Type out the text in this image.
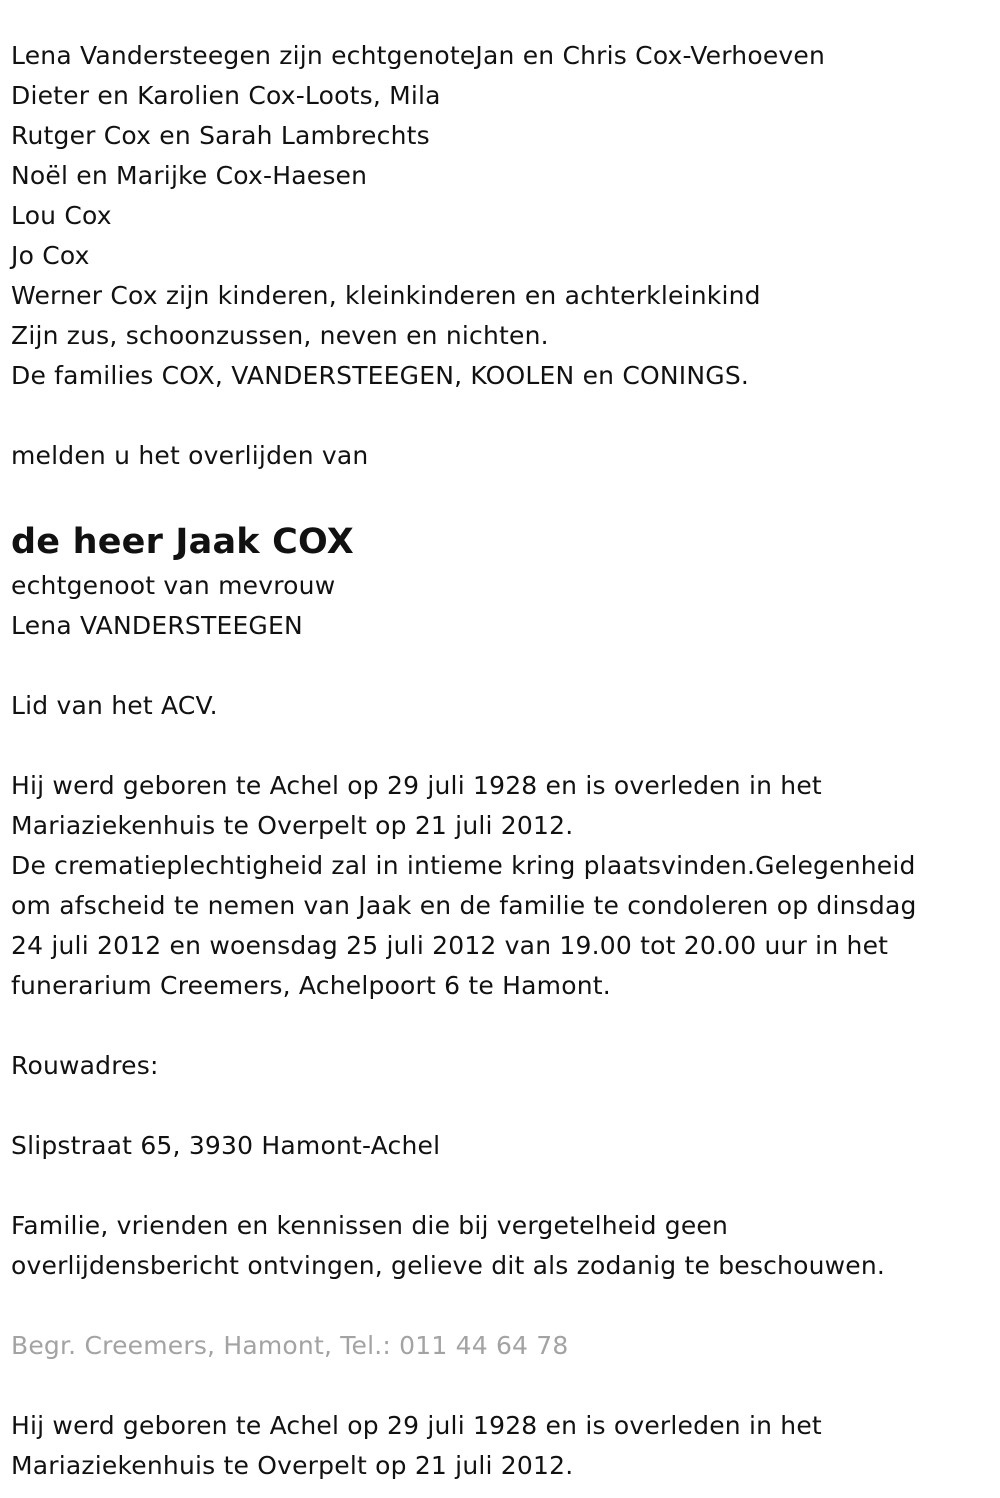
Lena Vandersteegen zijn echtgenoteJan en Chris Cox-Verhoeven
Dieter en Karolien Cox-Loots, Mila
Rutger Cox en Sarah Lambrechts
Noël en Marijke Cox-Haesen
Lou Cox
Jo Cox
Werner Cox zijn kinderen, kleinkinderen en achterkleinkind
Zijn zus, schoonzussen, neven en nichten.
De families COX, VANDERSTEEGEN, KOOLEN en CONINGS.
melden u het overlijden van
de heer Jaak COX
echtgenoot van mevrouw
Lena VANDERSTEEGEN
Lid van het ACV.
Hij werd geboren te Achel op 29 juli 1928 en is overleden in het
Mariaziekenhuis te Overpelt op 21 juli 2012.
De crematieplechtigheid zal in intieme kring plaatsvinden.Gelegenheid
om afscheid te nemen van Jaak en de familie te condoleren op dinsdag
24 juli 2012 en woensdag 25 juli 2012 van 19.00 tot 20.00 uur in het
funerarium Creemers, Achelpoort 6 te Hamont.
Rouwadres:
Slipstraat 65, 3930 Hamont-Achel
Familie, vrienden en kennissen die bij vergetelheid geen
overlijdensbericht ontvingen, gelieve dit als zodanig te beschouwen.
Begr. Creemers, Hamont, Tel.: 011 44 64 78
Hij werd geboren te Achel op 29 juli 1928 en is overleden in het
Mariaziekenhuis te Overpelt op 21 juli 2012.
